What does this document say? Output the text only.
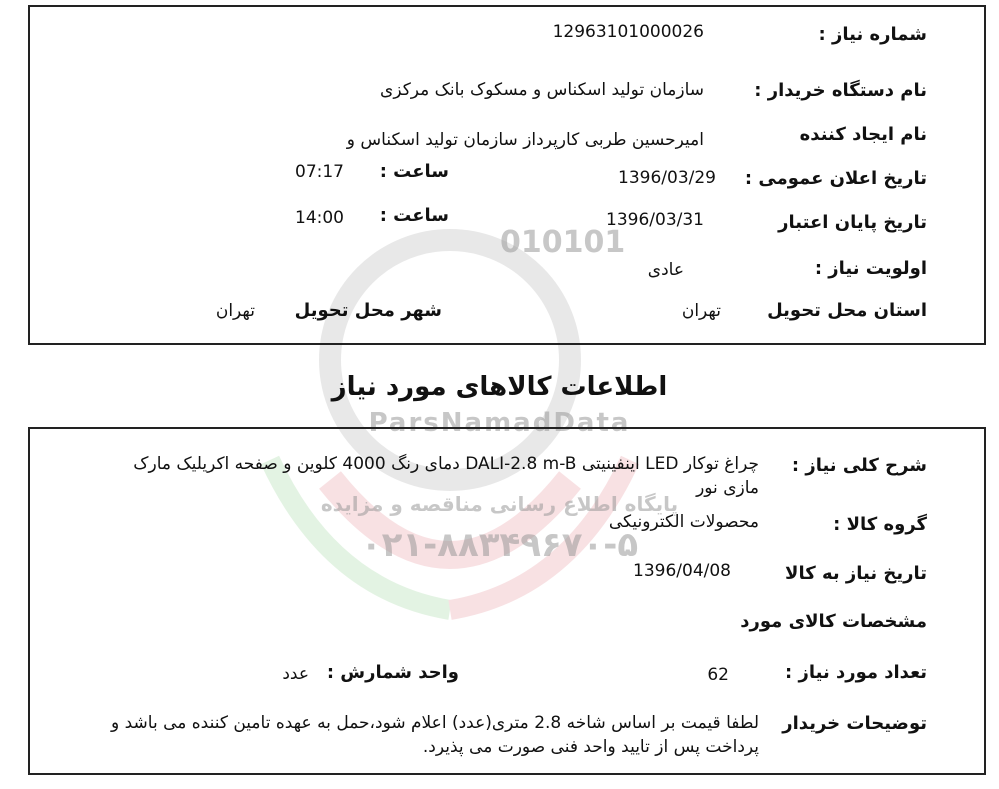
010101
ParsNamadData
پایگاه اطلاع رسانی مناقصه و مزایده
۰۲۱-۸۸۳۴۹۶۷۰-۵
شماره نیاز :
12963101000026
نام دستگاه خریدار :
سازمان تولید اسکناس و مسکوک بانک مرکزی
نام ایجاد کننده
امیرحسین طربی کارپرداز سازمان تولید اسکناس و
تاریخ اعلان عمومی :
1396/03/29
ساعت :
07:17
تاریخ پایان اعتبار
1396/03/31
ساعت :
14:00
اولویت نیاز :
عادی
استان محل تحویل
تهران
شهر محل تحویل
تهران
اطلاعات کالاهای مورد نیاز
شرح کلی نیاز :
چراغ توکار LED اینفینیتی DALI-2.8 m-B دمای رنگ 4000 کلوین و صفحه اکریلیک مارک مازی نور
گروه کالا :
محصولات الکترونیکی
تاریخ نیاز به کالا
1396/04/08
مشخصات کالای مورد
تعداد مورد نیاز :
62
واحد شمارش :
عدد
توضیحات خریدار
لطفا قیمت بر اساس شاخه 2.8 متری(عدد) اعلام شود،حمل به عهده تامین کننده می باشد و پرداخت پس از تایید واحد فنی صورت می پذیرد.
